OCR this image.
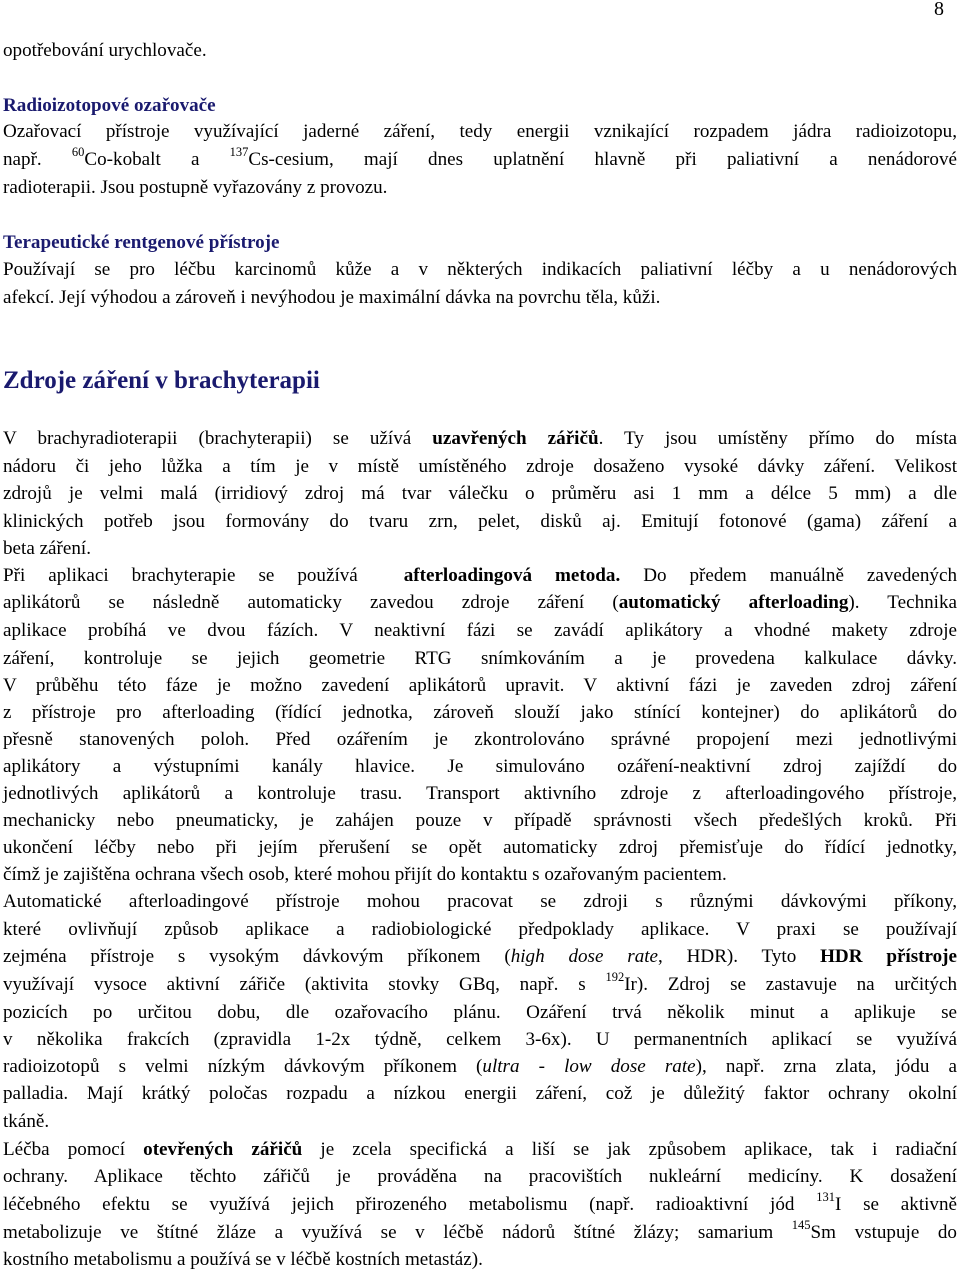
8
opotřebování urychlovače.
Radioizotopové ozařovače
Ozařovací přístroje využívající jaderné záření, tedy energii vznikající rozpadem jádra radioizotopu,
např. $^{60}$Co-kobalt a $^{137}$Cs-cesium, mají dnes uplatnění hlavně při paliativní a nenádorové
radioterapii. Jsou postupně vyřazovány z provozu.
Terapeutické rentgenové přístroje
Používají se pro léčbu karcinomů kůže a v některých indikacích paliativní léčby a u nenádorových
afekcí. Její výhodou a zároveň i nevýhodou je maximální dávka na povrchu těla, kůži.
Zdroje záření v brachyterapii
V brachyradioterapii (brachyterapii) se užívá uzavřených zářičů. Ty jsou umístěny přímo do místa
nádoru či jeho lůžka a tím je v místě umístěného zdroje dosaženo vysoké dávky záření. Velikost
zdrojů je velmi malá (irridiový zdroj má tvar válečku o průměru asi 1 mm a délce 5 mm) a dle
klinických potřeb jsou formovány do tvaru zrn, pelet, disků aj. Emitují fotonové (gama) záření a
beta záření.
Při aplikaci brachyterapie se používá  afterloadingová metoda. Do předem manuálně zavedených
aplikátorů se následně automaticky zavedou zdroje záření (automatický afterloading). Technika
aplikace probíhá ve dvou fázích. V neaktivní fázi se zavádí aplikátory a vhodné makety zdroje
záření, kontroluje se jejich geometrie RTG snímkováním a je provedena kalkulace dávky.
V průběhu této fáze je možno zavedení aplikátorů upravit. V aktivní fázi je zaveden zdroj záření
z přístroje pro afterloading (řídící jednotka, zároveň slouží jako stínící kontejner) do aplikátorů do
přesně stanovených poloh. Před ozářením je zkontrolováno správné propojení mezi jednotlivými
aplikátory a výstupními kanály hlavice. Je simulováno ozáření-neaktivní zdroj zajíždí do
jednotlivých aplikátorů a kontroluje trasu. Transport aktivního zdroje z afterloadingového přístroje,
mechanicky nebo pneumaticky, je zahájen pouze v případě správnosti všech předešlých kroků. Při
ukončení léčby nebo při jejím přerušení se opět automaticky zdroj přemisťuje do řídící jednotky,
čímž je zajištěna ochrana všech osob, které mohou přijít do kontaktu s ozařovaným pacientem.
Automatické afterloadingové přístroje mohou pracovat se zdroji s různými dávkovými příkony,
které ovlivňují způsob aplikace a radiobiologické předpoklady aplikace. V praxi se používají
zejména přístroje s vysokým dávkovým příkonem (high dose rate, HDR). Tyto HDR přístroje
využívají vysoce aktivní zářiče (aktivita stovky GBq, např. s $^{192}$Ir). Zdroj se zastavuje na určitých
pozicích po určitou dobu, dle ozařovacího plánu. Ozáření trvá několik minut a aplikuje se
v několika frakcích (zpravidla 1-2x týdně, celkem 3-6x). U permanentních aplikací se využívá
radioizotopů s velmi nízkým dávkovým příkonem (ultra - low dose rate), např. zrna zlata, jódu a
palladia. Mají krátký poločas rozpadu a nízkou energii záření, což je důležitý faktor ochrany okolní
tkáně.
Léčba pomocí otevřených zářičů je zcela specifická a liší se jak způsobem aplikace, tak i radiační
ochrany. Aplikace těchto zářičů je prováděna na pracovištích nukleární medicíny. K dosažení
léčebného efektu se využívá jejich přirozeného metabolismu (např. radioaktivní jód $^{131}$I se aktivně
metabolizuje ve štítné žláze a využívá se v léčbě nádorů štítné žlázy; samarium $^{145}$Sm vstupuje do
kostního metabolismu a používá se v léčbě kostních metastáz).
